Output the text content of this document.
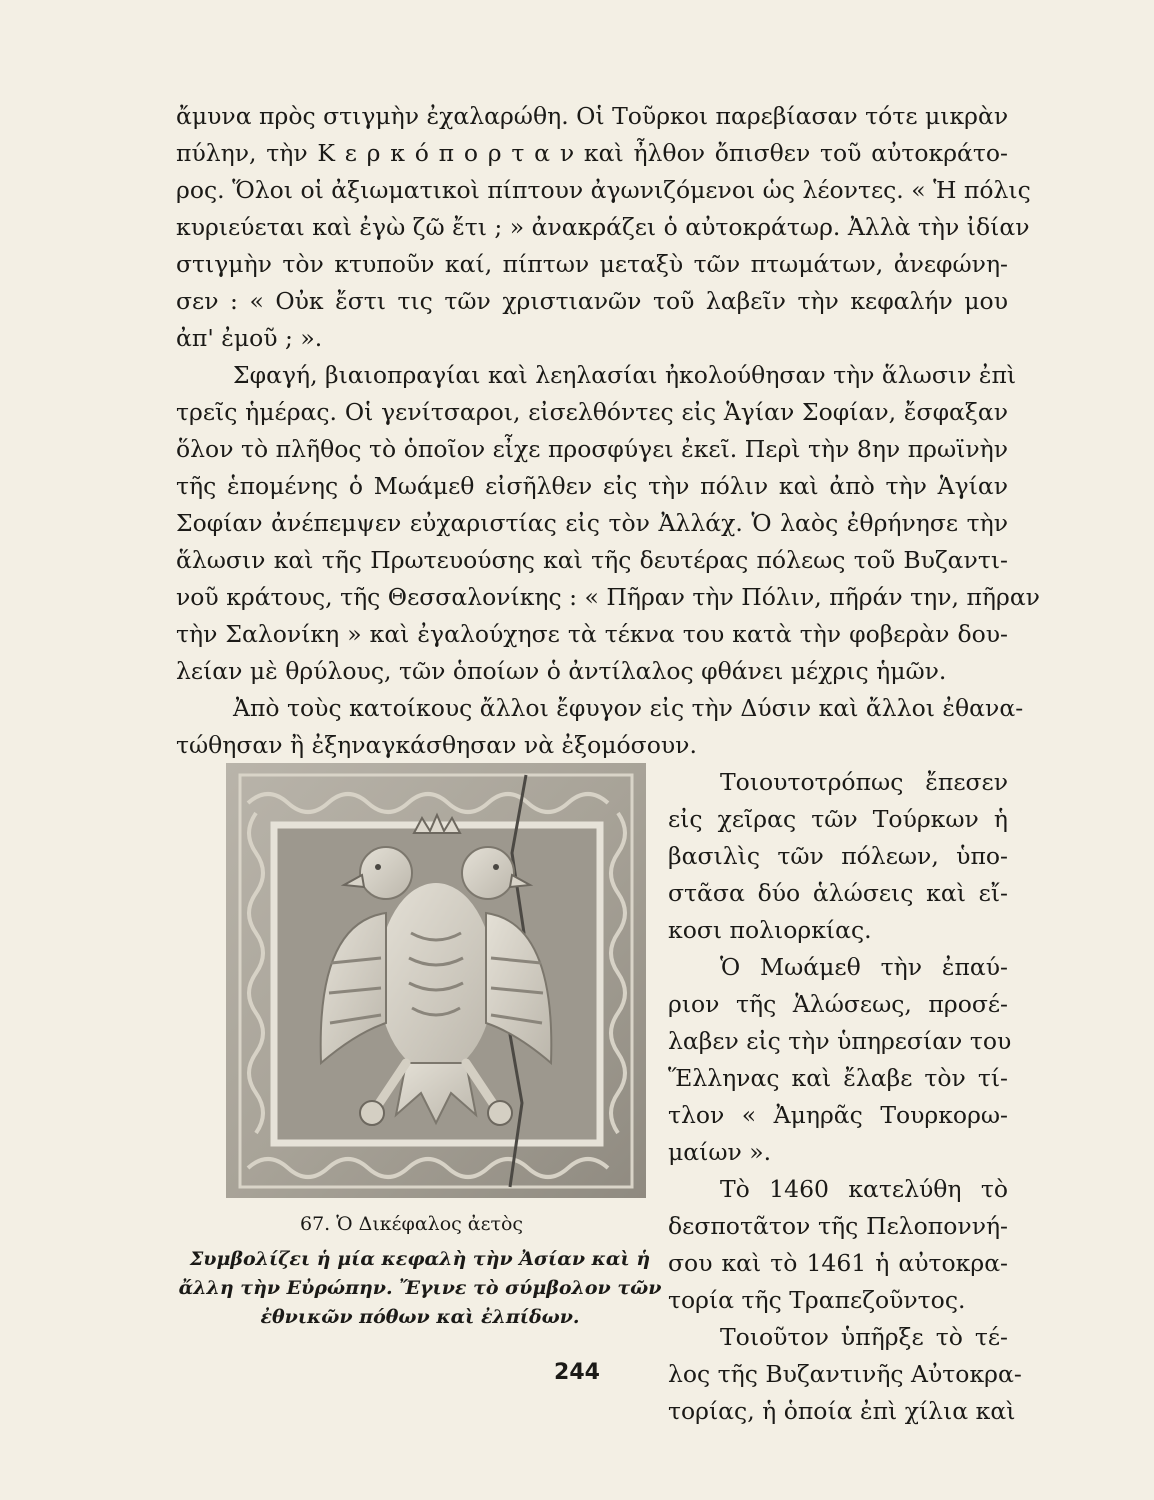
ἄμυνα πρὸς στιγμὴν ἐχαλαρώθη. Οἱ Τοῦρκοι παρεβίασαν τότε μικρὰν
πύλην, τὴν Κ ε ρ κ ό π ο ρ τ α ν καὶ ἦλθον ὄπισθεν τοῦ αὐτοκράτο-
ρος. Ὅλοι οἱ ἀξιωματικοὶ πίπτουν ἀγωνιζόμενοι ὡς λέοντες. « Ἡ πόλις
κυριεύεται καὶ ἐγὼ ζῶ ἔτι ; » ἀνακράζει ὁ αὐτοκράτωρ. Ἀλλὰ τὴν ἰδίαν
στιγμὴν τὸν κτυποῦν καί, πίπτων μεταξὺ τῶν πτωμάτων, ἀνεφώνη-
σεν : « Οὐκ ἔστι τις τῶν χριστιανῶν τοῦ λαβεῖν τὴν κεφαλήν μου
ἀπ' ἐμοῦ ; ».
Σφαγή, βιαιοπραγίαι καὶ λεηλασίαι ἠκολούθησαν τὴν ἅλωσιν ἐπὶ
τρεῖς ἡμέρας. Οἱ γενίτσαροι, εἰσελθόντες εἰς Ἁγίαν Σοφίαν, ἔσφαξαν
ὅλον τὸ πλῆθος τὸ ὁποῖον εἶχε προσφύγει ἐκεῖ. Περὶ τὴν 8ην πρωϊνὴν
τῆς ἑπομένης ὁ Μωάμεθ εἰσῆλθεν εἰς τὴν πόλιν καὶ ἀπὸ τὴν Ἁγίαν
Σοφίαν ἀνέπεμψεν εὐχαριστίας εἰς τὸν Ἀλλάχ. Ὁ λαὸς ἐθρήνησε τὴν
ἅλωσιν καὶ τῆς Πρωτευούσης καὶ τῆς δευτέρας πόλεως τοῦ Βυζαντι-
νοῦ κράτους, τῆς Θεσσαλονίκης : « Πῆραν τὴν Πόλιν, πῆράν την, πῆραν
τὴν Σαλονίκη » καὶ ἐγαλούχησε τὰ τέκνα του κατὰ τὴν φοβερὰν δου-
λείαν μὲ θρύλους, τῶν ὁποίων ὁ ἀντίλαλος φθάνει μέχρις ἡμῶν.
Ἀπὸ τοὺς κατοίκους ἄλλοι ἔφυγον εἰς τὴν Δύσιν καὶ ἄλλοι ἐθανα-
τώθησαν ἢ ἐξηναγκάσθησαν νὰ ἐξομόσουν.
Τοιουτοτρόπως ἔπεσεν
εἰς χεῖρας τῶν Τούρκων ἡ
βασιλὶς τῶν πόλεων, ὑπο-
στᾶσα δύο ἁλώσεις καὶ εἴ-
κοσι πολιορκίας.
Ὁ Μωάμεθ τὴν ἐπαύ-
ριον τῆς Ἁλώσεως, προσέ-
λαβεν εἰς τὴν ὑπηρεσίαν του
Ἕλληνας καὶ ἔλαβε τὸν τί-
τλον « Ἀμηρᾶς Τουρκορω-
μαίων ».
Τὸ 1460 κατελύθη τὸ
δεσποτᾶτον τῆς Πελοποννή-
σου καὶ τὸ 1461 ἡ αὐτοκρα-
τορία τῆς Τραπεζοῦντος.
Τοιοῦτον ὑπῆρξε τὸ τέ-
λος τῆς Βυζαντινῆς Αὐτοκρα-
τορίας, ἡ ὁποία ἐπὶ χίλια καὶ
67. Ὁ Δικέφαλος ἀετὸς
Συμβολίζει ἡ μία κεφαλὴ τὴν Ἀσίαν καὶ ἡ
ἄλλη τὴν Εὐρώπην. Ἔγινε τὸ σύμβολον τῶν
ἐθνικῶν πόθων καὶ ἐλπίδων.
244
